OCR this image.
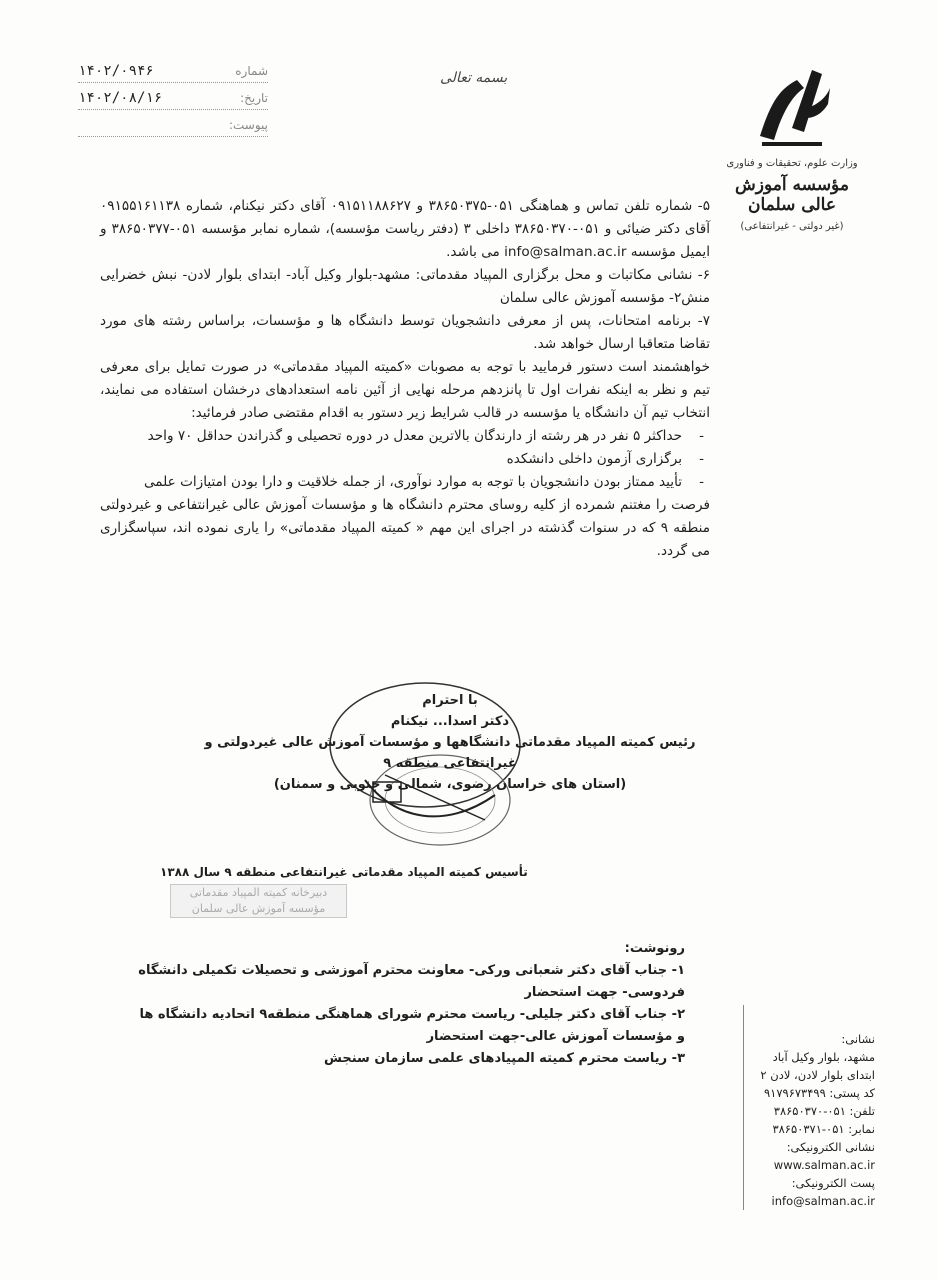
۱۴۰۲/۰۹۴۶	شماره
۱۴۰۲/۰۸/۱۶	تاریخ:
پیوست:
بسمه تعالی
وزارت علوم، تحقیقات و فناوری
مؤسسه آموزش عالی سلمان
(غیر دولتی - غیرانتفاعی)

۵- شماره تلفن تماس و هماهنگی ۰۵۱-۳۸۶۵۰۳۷۵ و ۰۹۱۵۱۱۸۸۶۲۷ آقای دکتر نیکنام، شماره ۰۹۱۵۵۱۶۱۱۳۸ آقای دکتر ضیائی و ۰۵۱-۳۸۶۵۰۳۷۰ داخلی ۳ (دفتر ریاست مؤسسه)، شماره نمابر مؤسسه ۰۵۱-۳۸۶۵۰۳۷۷ و ایمیل مؤسسه info@salman.ac.ir می باشد.

۶- نشانی مکاتبات و محل برگزاری المپیاد مقدماتی: مشهد-بلوار وکیل آباد- ابتدای بلوار لادن- نبش خضرایی منش۲- مؤسسه آموزش عالی سلمان

۷- برنامه امتحانات، پس از معرفی دانشجویان توسط دانشگاه ها و مؤسسات، براساس رشته های مورد تقاضا متعاقبا ارسال خواهد شد.

خواهشمند است دستور فرمایید با توجه به مصوبات «کمیته المپیاد مقدماتی» در صورت تمایل برای معرفی تیم و نظر به اینکه نفرات اول تا پانزدهم مرحله نهایی از آئین نامه استعدادهای درخشان استفاده می نمایند، انتخاب تیم آن دانشگاه یا مؤسسه در قالب شرایط زیر دستور به اقدام مقتضی صادر فرمائید:

- حداکثر ۵ نفر در هر رشته از دارندگان بالاترین معدل در دوره تحصیلی و گذراندن حداقل ۷۰ واحد

- برگزاری آزمون داخلی دانشکده

- تأیید ممتاز بودن دانشجویان با توجه به موارد نوآوری، از جمله خلاقیت و دارا بودن امتیازات علمی

فرصت را مغتنم شمرده از کلیه روسای محترم دانشگاه ها و مؤسسات آموزش عالی غیرانتفاعی و غیردولتی منطقه ۹ که در سنوات گذشته در اجرای این مهم « کمیته المپیاد مقدماتی» را یاری نموده اند، سپاسگزاری می گردد.

با احترام
دکتر اسدا... نیکنام
رئیس کمیته المپیاد مقدماتی دانشگاهها و مؤسسات آموزش عالی غیردولتی و غیرانتفاعی منطقه ۹
(استان های خراسان رضوی، شمالی و جنوبی و سمنان)
تأسیس کمیته المپیاد مقدماتی غیرانتفاعی منطقه ۹ سال ۱۳۸۸
دبیرخانه کمیته المپیاد مقدماتی
مؤسسه آموزش عالی سلمان

رونوشت:

۱- جناب آقای دکتر شعبانی ورکی- معاونت محترم آموزشی و تحصیلات تکمیلی دانشگاه فردوسی- جهت استحضار

۲- جناب آقای دکتر جلیلی- ریاست محترم شورای هماهنگی منطقه۹ اتحادیه دانشگاه ها و مؤسسات آموزش عالی-جهت استحضار

۳- ریاست محترم کمیته المپیادهای علمی سازمان سنجش

نشانی:
مشهد، بلوار وکیل آباد
ابتدای بلوار لادن، لادن ۲
کد پستی: ۹۱۷۹۶۷۳۴۹۹
تلفن: ۰۵۱-۳۸۶۵۰۳۷۰
نمابر: ۰۵۱-۳۸۶۵۰۳۷۱
نشانی الکترونیکی:
www.salman.ac.ir
پست الکترونیکی:
info@salman.ac.ir
